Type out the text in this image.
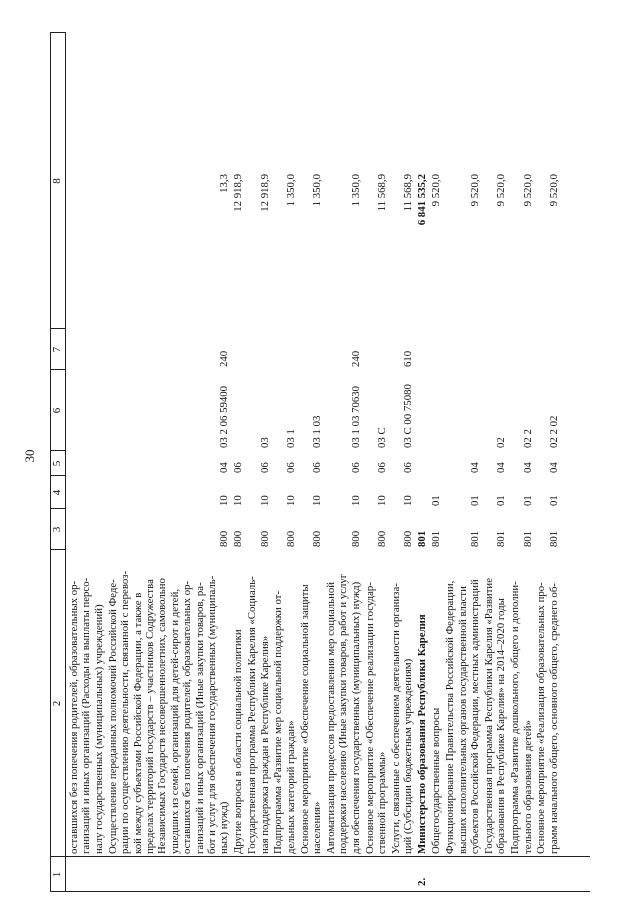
30
1
2
3
4
5
6
7
8
оставшихся без попечения родителей, образовательных ор- ганизаций и иных организаций (Расходы на выплаты персо- налу государственных (муниципальных) учреждений) Осуществление переданных полномочий Российской Феде- рации по осуществлению деятельности, связанной с перевоз- кой между субъектами Российской Федерации, а также в пределах территорий государств – участников Содружества Независимых Государств несовершеннолетних, самовольно ушедших из семей, организаций для детей-сирот и детей, оставшихся без попечения родителей, образовательных ор- ганизаций и иных организаций (Иные закупки товаров, ра- бот и услуг для обеспечения государственных (муниципаль- ных) нужд)
800
10
04
03 2 06 59400
240
13,3
Другие вопросы в области социальной политики
800
10
06
12 918,9
Государственная программа Республики Карелия «Социаль- ная поддержка граждан в Республике Карелия»
800
10
06
03
12 918,9
Подпрограмма «Развитие мер социальной поддержки от- дельных категорий граждан»
800
10
06
03 1
1 350,0
Основное мероприятие «Обеспечение социальной защиты населения»
800
10
06
03 1 03
1 350,0
Автоматизация процессов предоставления мер социальной поддержки населению (Иные закупки товаров, работ и услуг для обеспечения государственных (муниципальных) нужд)
800
10
06
03 1 03 70630
240
1 350,0
Основное мероприятие «Обеспечение реализации государ- ственной программы»
800
10
06
03 С
11 568,9
Услуги, связанные с обеспечением деятельности организа- ций (Субсидии бюджетным учреждениям)
800
10
06
03 С 00 75080
610
11 568,9
2.
Министерство образования Республики Карелия
801
6 841 535,2
Общегосударственные вопросы
801
01
9 520,0
Функционирование Правительства Российской Федерации, высших исполнительных органов государственной власти субъектов Российской Федерации, местных администраций
801
01
04
9 520,0
Государственная программа Республики Карелия «Развитие образования в Республике Карелия» на 2014–2020 годы
801
01
04
02
9 520,0
Подпрограмма «Развитие дошкольного, общего и дополни- тельного образования детей»
801
01
04
02 2
9 520,0
Основное мероприятие «Реализация образовательных про- грамм начального общего, основного общего, среднего об-
801
01
04
02 2 02
9 520,0
